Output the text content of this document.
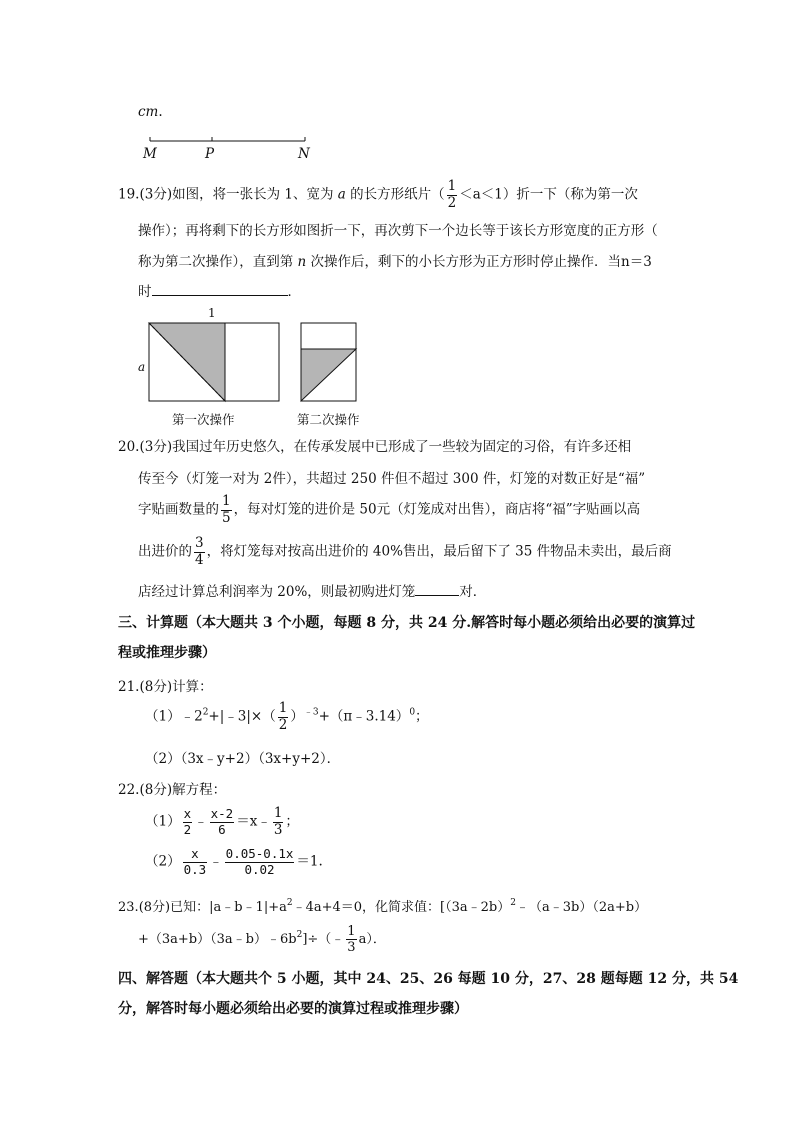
cm.
M	P	N
19.(3分)如图，将一张长为 1、宽为 a 的长方形纸片（ $\frac{1}{2} <a<1$）折一下（称为第一次
操作）；再将剩下的长方形如图折一下，再次剪下一个边长等于该长方形宽度的正方形（
称为第二次操作），直到第 n 次操作后，剩下的小长方形为正方形时停止操作．当n＝3
时	．
1
a
第一次操作	第二次操作
20.(3分)我国过年历史悠久，在传承发展中已形成了一些较为固定的习俗，有许多还相
传至今（灯笼一对为 2件），共超过 250 件但不超过 300 件，灯笼的对数正好是“福”
字贴画数量的 $\frac{1}{5}$ ，每对灯笼的进价是 50元（灯笼成对出售），商店将“福”字贴画以高
出进价的 $\frac{3}{4}$ ，将灯笼每对按高出进价的 40%售出，最后留下了 35 件物品未卖出，最后商
店经过计算总利润率为 20%，则最初购进灯笼	对．
三、计算题（本大题共 3 个小题，每题 8 分，共 24 分.解答时每小题必须给出必要的演算过
程或推理步骤）
21.(8分)计算：
$(1)﹣2^2+|﹣3|\times( \frac{1}{2}$ ）$^{﹣3}$+（π﹣3.14）$^0$；
（2）（3x﹣y+2）（3x+y+2）．
22.(8分)解方程：
$(1) \frac{x}{2}$ ﹣ $\frac{x-2}{6}$ ＝x﹣ $\frac{1}{3}$ ；
$(2) \frac{x}{0.3}$ ﹣ $\frac{0.05-0.1x}{0.02} =1$.
23.(8分)已知：$|a﹣b﹣1|+a^2﹣4a+4=0$，化简求值：[（3a﹣2b）$^2$﹣（a﹣3b）（2a+b）
$+(3a+b)(3a﹣b)﹣6b^2]\div(﹣ \frac{1}{3} a)$．
四、解答题（本大题共个 5 小题，其中 24、25、26 每题 10 分，27、28 题每题 12 分，共 54
分，解答时每小题必须给出必要的演算过程或推理步骤）
